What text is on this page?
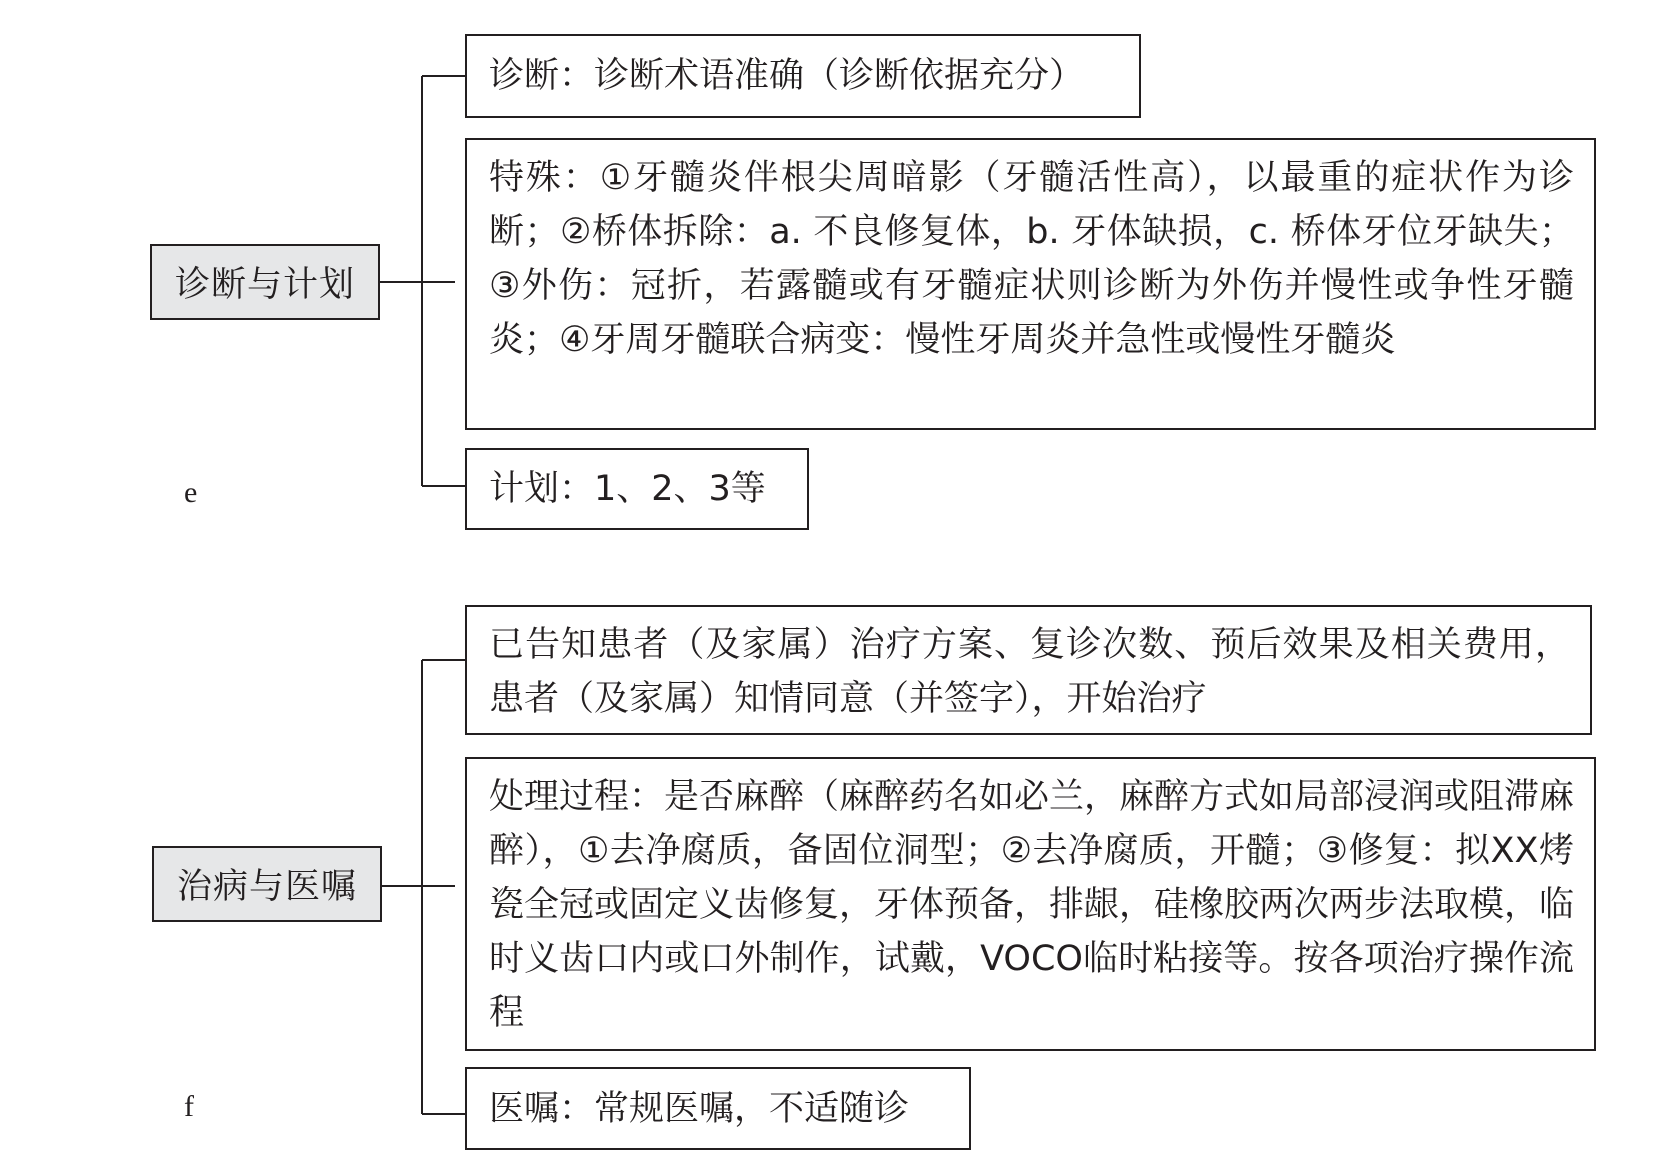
诊断与计划
诊断：诊断术语准确（诊断依据充分）
特殊：①牙髓炎伴根尖周暗影（牙髓活性高），以最重的症状作为诊断；②桥体拆除：a. 不良修复体，b. 牙体缺损，c. 桥体牙位牙缺失；③外伤：冠折，若露髓或有牙髓症状则诊断为外伤并慢性或争性牙髓炎；④牙周牙髓联合病变：慢性牙周炎并急性或慢性牙髓炎
计划：1、2、3等
e
治病与医嘱
已告知患者（及家属）治疗方案、复诊次数、预后效果及相关费用，患者（及家属）知情同意（并签字），开始治疗
处理过程：是否麻醉（麻醉药名如必兰，麻醉方式如局部浸润或阻滞麻醉），①去净腐质，备固位洞型；②去净腐质，开髓；③修复：拟XX烤瓷全冠或固定义齿修复，牙体预备，排龈，硅橡胶两次两步法取模，临时义齿口内或口外制作，试戴，VOCO临时粘接等。按各项治疗操作流程
医嘱：常规医嘱，不适随诊
f
